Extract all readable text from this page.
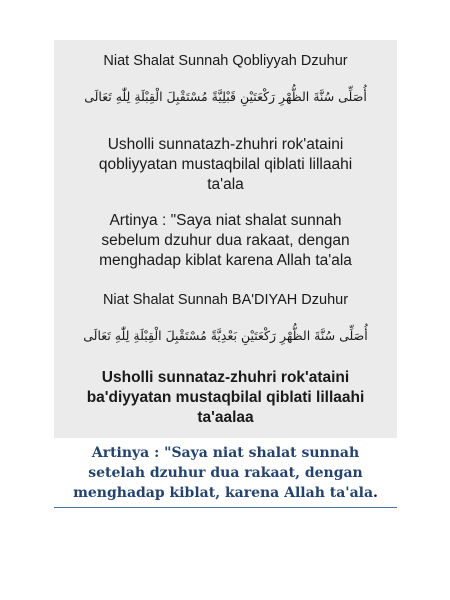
Niat Shalat Sunnah Qobliyyah Dzuhur
أُصَلِّى سُنَّةَ الظُّهْرِ رَكْعَتَيْنِ قَبْلِيَّةً مُسْتَقْبِلَ الْقِبْلَةِ لِلّٰهِ تَعَالَى
Usholli sunnatazh-zhuhri rok'ataini
qobliyyatan mustaqbilal qiblati lillaahi
ta'ala
Artinya : "Saya niat shalat sunnah
sebelum dzuhur dua rakaat, dengan
menghadap kiblat karena Allah ta'ala
Niat Shalat Sunnah BA'DIYAH Dzuhur
أُصَلِّى سُنَّةَ الظُّهْرِ رَكْعَتَيْنِ بَعْدِيَّةً مُسْتَقْبِلَ الْقِبْلَةِ لِلّٰهِ تَعَالَى
Usholli sunnataz-zhuhri rok'ataini
ba'diyyatan mustaqbilal qiblati lillaahi
ta'aalaa
Artinya : "Saya niat shalat sunnah
setelah dzuhur dua rakaat, dengan
menghadap kiblat, karena Allah ta'ala.
